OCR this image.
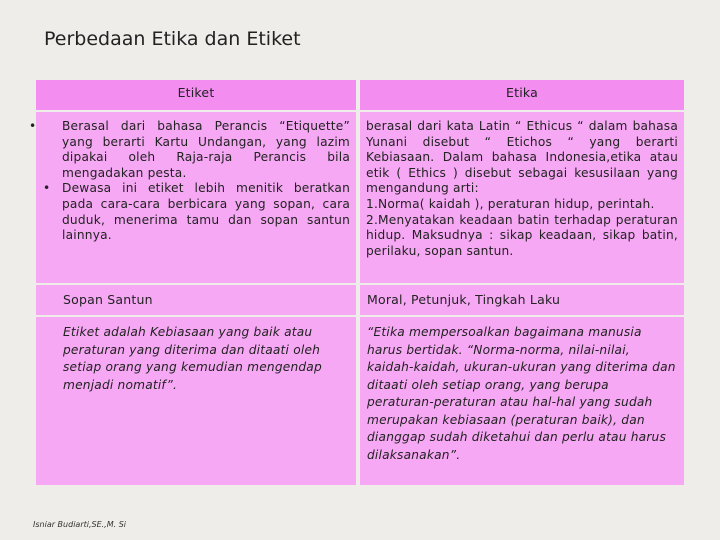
Perbedaan Etika dan Etiket
Etiket	Etika
• Berasal dari bahasa Perancis “Etiquette” yang berarti Kartu Undangan, yang lazim dipakai oleh Raja-raja Perancis bila mengadakan pesta.
• Dewasa ini etiket lebih menitik beratkan pada cara-cara berbicara yang sopan, cara duduk, menerima tamu dan sopan santun lainnya.
berasal dari kata Latin “ Ethicus “ dalam bahasa Yunani disebut “ Etichos “ yang berarti Kebiasaan. Dalam bahasa Indonesia,etika atau etik ( Ethics ) disebut sebagai kesusilaan yang mengandung arti:
1.Norma( kaidah ), peraturan hidup, perintah.
2.Menyatakan keadaan batin terhadap peraturan hidup. Maksudnya : sikap keadaan, sikap batin, perilaku, sopan santun.
Sopan Santun	Moral, Petunjuk, Tingkah Laku
Etiket adalah Kebiasaan yang baik atau peraturan yang diterima dan ditaati oleh setiap orang yang kemudian mengendap menjadi nomatif”.
“Etika mempersoalkan bagaimana manusia harus bertidak. “Norma-norma, nilai-nilai, kaidah-kaidah, ukuran-ukuran yang diterima dan ditaati oleh setiap orang, yang berupa peraturan-peraturan atau hal-hal yang sudah merupakan kebiasaan (peraturan baik), dan dianggap sudah diketahui dan perlu atau harus dilaksanakan”.
Isniar Budiarti,SE.,M. Si
